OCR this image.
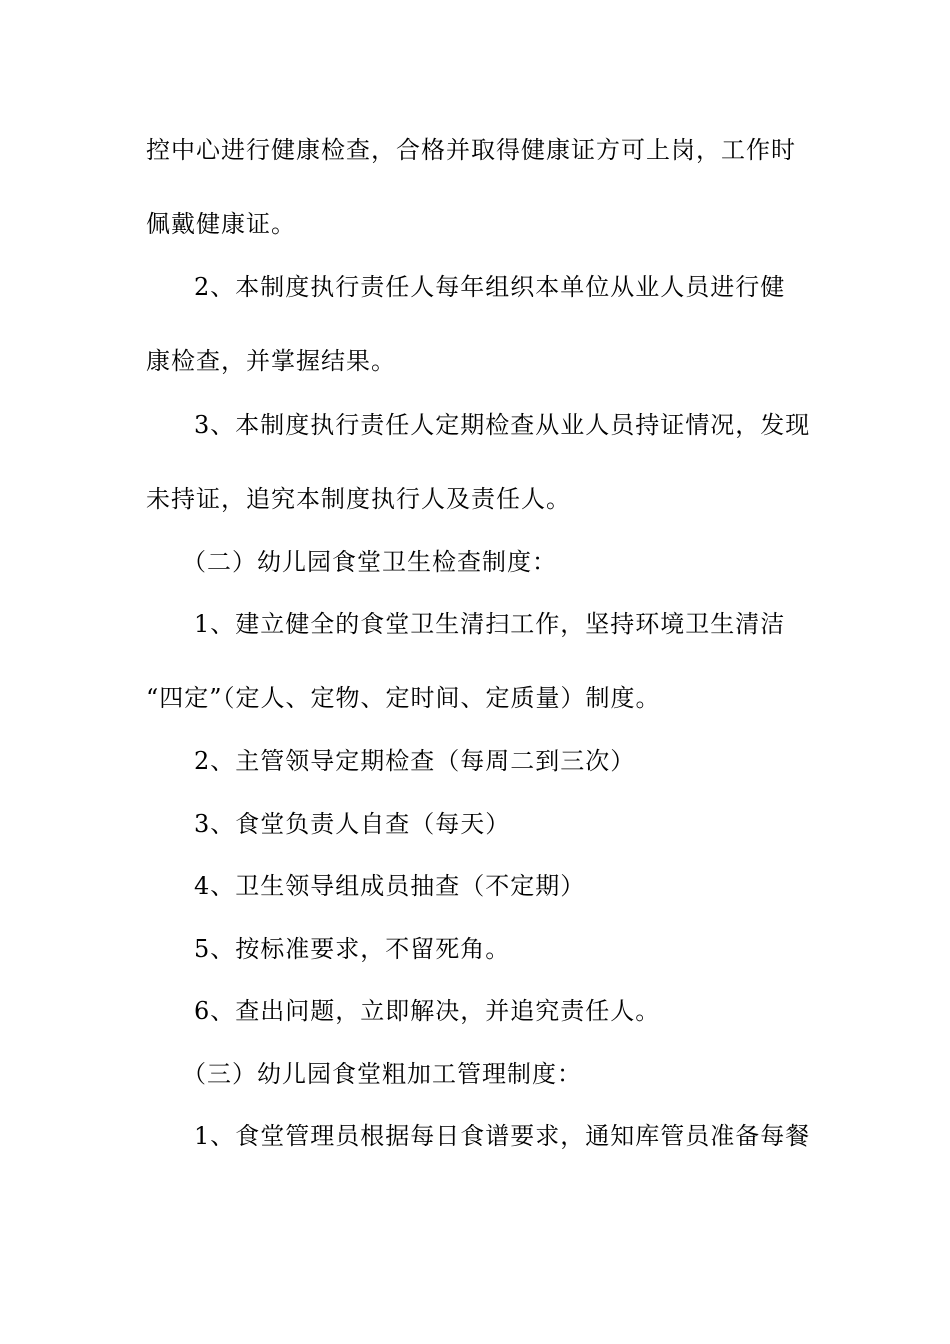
控中心进行健康检查，合格并取得健康证方可上岗，工作时
佩戴健康证。
2、本制度执行责任人每年组织本单位从业人员进行健
康检查，并掌握结果。
3、本制度执行责任人定期检查从业人员持证情况，发现
未持证，追究本制度执行人及责任人。
（二）幼儿园食堂卫生检查制度：
1、建立健全的食堂卫生清扫工作，坚持环境卫生清洁
“四定”（定人、定物、定时间、定质量）制度。
2、主管领导定期检查（每周二到三次）
3、食堂负责人自查（每天）
4、卫生领导组成员抽查（不定期）
5、按标准要求，不留死角。
6、查出问题，立即解决，并追究责任人。
（三）幼儿园食堂粗加工管理制度：
1、食堂管理员根据每日食谱要求，通知库管员准备每餐
